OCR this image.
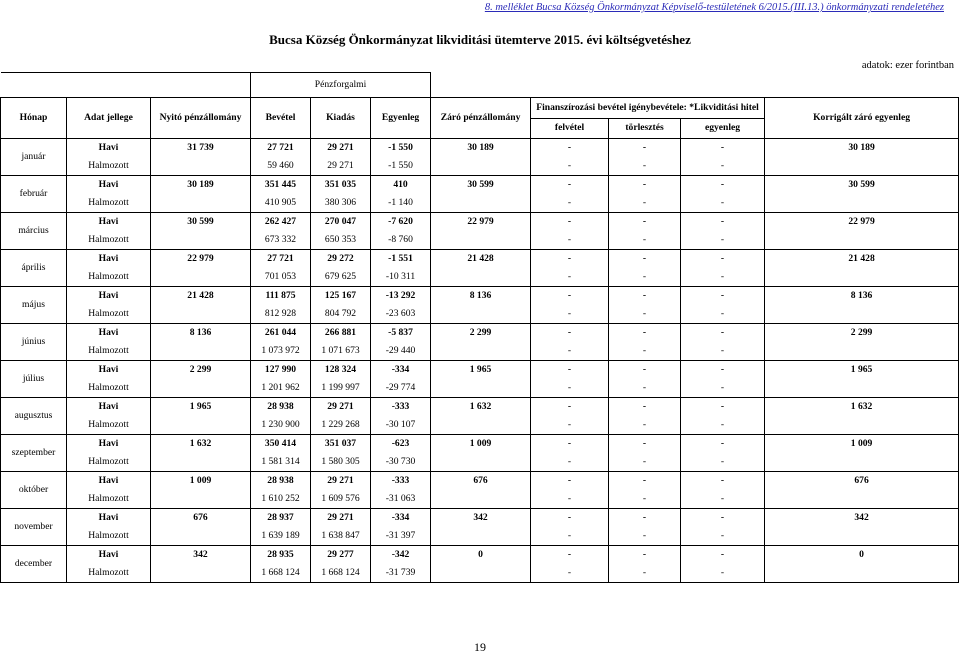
8. melléklet Bucsa Község Önkormányzat Képviselő-testületének 6/2015.(III.13.) önkormányzati rendeletéhez
Bucsa Község Önkormányzat likviditási ütemterve 2015. évi költségvetéshez
adatok: ezer forintban
			Pénzforgalmi							
Hónap	Adat jellege	Nyitó pénzállomány	Bevétel	Kiadás	Egyenleg	Záró pénzállomány	Finanszírozási bevétel igénybevétele: *Likviditási hitel			Korrigált záró egyenleg
							felvétel	törlesztés	egyenleg	
január	Havi	31 739	27 721	29 271	-1 550	30 189	-	-	-	30 189
	Halmozott		59 460	29 271	-1 550		-	-	-	
február	Havi	30 189	351 445	351 035	410	30 599	-	-	-	30 599
	Halmozott		410 905	380 306	-1 140		-	-	-	
március	Havi	30 599	262 427	270 047	-7 620	22 979	-	-	-	22 979
	Halmozott		673 332	650 353	-8 760		-	-	-	
április	Havi	22 979	27 721	29 272	-1 551	21 428	-	-	-	21 428
	Halmozott		701 053	679 625	-10 311		-	-	-	
május	Havi	21 428	111 875	125 167	-13 292	8 136	-	-	-	8 136
	Halmozott		812 928	804 792	-23 603		-	-	-	
június	Havi	8 136	261 044	266 881	-5 837	2 299	-	-	-	2 299
	Halmozott		1 073 972	1 071 673	-29 440		-	-	-	
július	Havi	2 299	127 990	128 324	-334	1 965	-	-	-	1 965
	Halmozott		1 201 962	1 199 997	-29 774		-	-	-	
augusztus	Havi	1 965	28 938	29 271	-333	1 632	-	-	-	1 632
	Halmozott		1 230 900	1 229 268	-30 107		-	-	-	
szeptember	Havi	1 632	350 414	351 037	-623	1 009	-	-	-	1 009
	Halmozott		1 581 314	1 580 305	-30 730		-	-	-	
október	Havi	1 009	28 938	29 271	-333	676	-	-	-	676
	Halmozott		1 610 252	1 609 576	-31 063		-	-	-	
november	Havi	676	28 937	29 271	-334	342	-	-	-	342
	Halmozott		1 639 189	1 638 847	-31 397		-	-	-	
december	Havi	342	28 935	29 277	-342	0	-	-	-	0
	Halmozott		1 668 124	1 668 124	-31 739		-	-	-	
19
